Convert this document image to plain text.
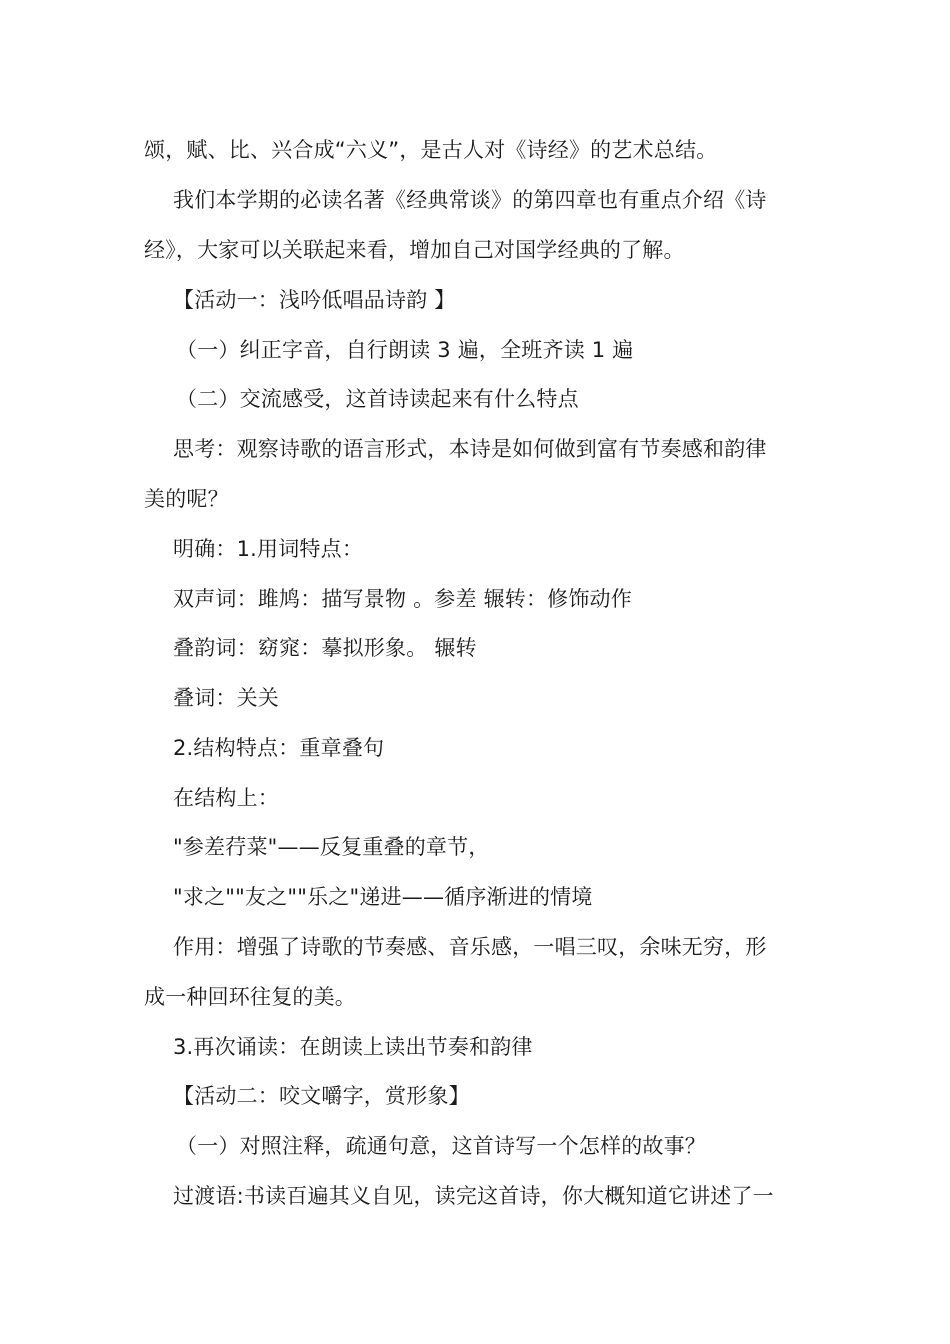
颂，赋、比、兴合成“六义”，是古人对《诗经》的艺术总结。
我们本学期的必读名著《经典常谈》的第四章也有重点介绍《诗
经》，大家可以关联起来看，增加自己对国学经典的了解。
【活动一：浅吟低唱品诗韵 】
（一）纠正字音，自行朗读 3 遍，全班齐读 1 遍
（二）交流感受，这首诗读起来有什么特点
思考：观察诗歌的语言形式，本诗是如何做到富有节奏感和韵律
美的呢？
明确：1.用词特点：
双声词：雎鸠：描写景物 。参差 辗转：修饰动作
叠韵词：窈窕：摹拟形象。 辗转
叠词：关关
2.结构特点：重章叠句
在结构上：
"参差荇菜"——反复重叠的章节，
"求之""友之""乐之"递进——循序渐进的情境
作用：增强了诗歌的节奏感、音乐感，一唱三叹，余味无穷，形
成一种回环往复的美。
3.再次诵读：在朗读上读出节奏和韵律
【活动二：咬文嚼字，赏形象】
（一）对照注释，疏通句意，这首诗写一个怎样的故事？
过渡语:书读百遍其义自见，读完这首诗，你大概知道它讲述了一
